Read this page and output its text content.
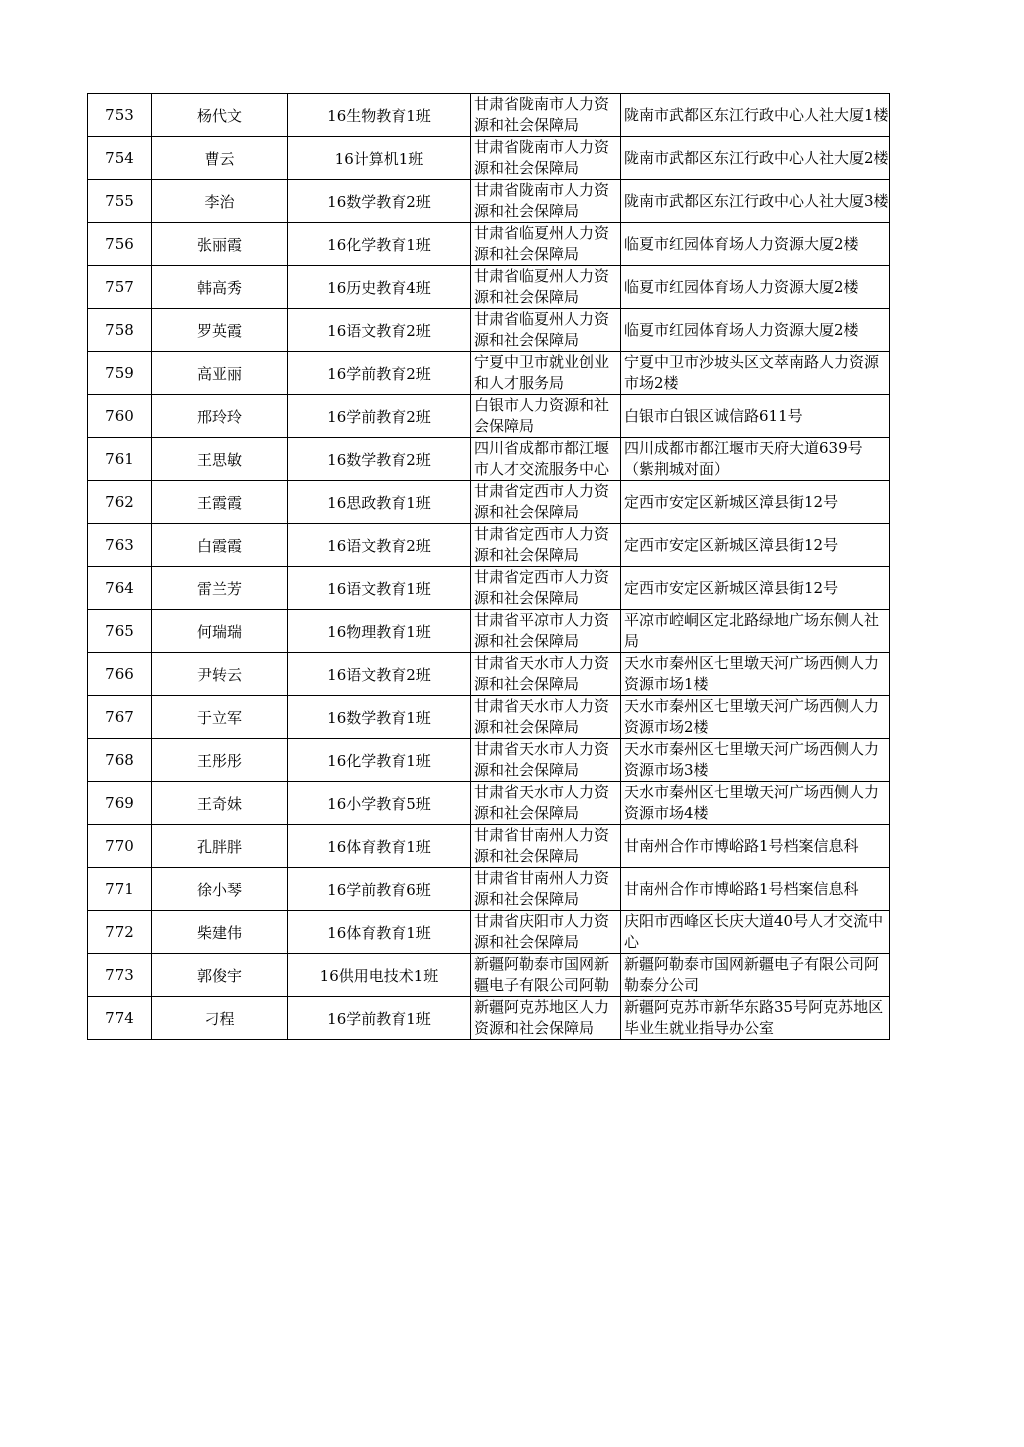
753	杨代文	16生物教育1班	甘肃省陇南市人力资源和社会保障局	陇南市武都区东江行政中心人社大厦1楼

754	曹云	16计算机1班	甘肃省陇南市人力资源和社会保障局	陇南市武都区东江行政中心人社大厦2楼

755	李治	16数学教育2班	甘肃省陇南市人力资源和社会保障局	陇南市武都区东江行政中心人社大厦3楼

756	张丽霞	16化学教育1班	甘肃省临夏州人力资源和社会保障局	临夏市红园体育场人力资源大厦2楼

757	韩高秀	16历史教育4班	甘肃省临夏州人力资源和社会保障局	临夏市红园体育场人力资源大厦2楼

758	罗英霞	16语文教育2班	甘肃省临夏州人力资源和社会保障局	临夏市红园体育场人力资源大厦2楼

759	高亚丽	16学前教育2班	宁夏中卫市就业创业和人才服务局	宁夏中卫市沙坡头区文萃南路人力资源市场2楼

760	邢玲玲	16学前教育2班	白银市人力资源和社会保障局	白银市白银区诚信路611号

761	王思敏	16数学教育2班	四川省成都市都江堰市人才交流服务中心	四川成都市都江堰市天府大道639号（紫荆城对面）

762	王霞霞	16思政教育1班	甘肃省定西市人力资源和社会保障局	定西市安定区新城区漳县街12号

763	白霞霞	16语文教育2班	甘肃省定西市人力资源和社会保障局	定西市安定区新城区漳县街12号

764	雷兰芳	16语文教育1班	甘肃省定西市人力资源和社会保障局	定西市安定区新城区漳县街12号

765	何瑞瑞	16物理教育1班	甘肃省平凉市人力资源和社会保障局	平凉市崆峒区定北路绿地广场东侧人社局

766	尹转云	16语文教育2班	甘肃省天水市人力资源和社会保障局	天水市秦州区七里墩天河广场西侧人力资源市场1楼

767	于立军	16数学教育1班	甘肃省天水市人力资源和社会保障局	天水市秦州区七里墩天河广场西侧人力资源市场2楼

768	王彤彤	16化学教育1班	甘肃省天水市人力资源和社会保障局	天水市秦州区七里墩天河广场西侧人力资源市场3楼

769	王奇妹	16小学教育5班	甘肃省天水市人力资源和社会保障局	天水市秦州区七里墩天河广场西侧人力资源市场4楼

770	孔胖胖	16体育教育1班	甘肃省甘南州人力资源和社会保障局	甘南州合作市博峪路1号档案信息科

771	徐小琴	16学前教育6班	甘肃省甘南州人力资源和社会保障局	甘南州合作市博峪路1号档案信息科

772	柴建伟	16体育教育1班	甘肃省庆阳市人力资源和社会保障局	庆阳市西峰区长庆大道40号人才交流中心

773	郭俊宇	16供用电技术1班	新疆阿勒泰市国网新疆电子有限公司阿勒	新疆阿勒泰市国网新疆电子有限公司阿勒泰分公司

774	刁程	16学前教育1班	新疆阿克苏地区人力资源和社会保障局	新疆阿克苏市新华东路35号阿克苏地区毕业生就业指导办公室
